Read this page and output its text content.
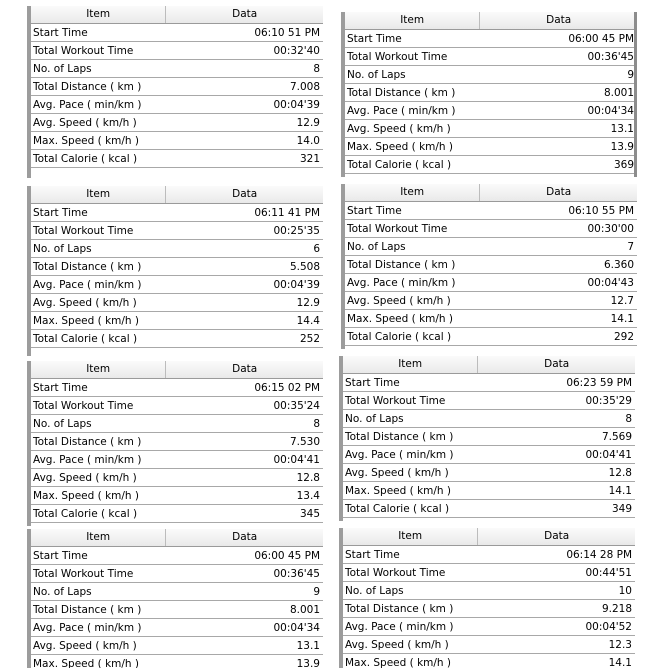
Item	Data
Start Time	06:10 51 PM
Total Workout Time	00:32'40
No. of Laps	8
Total Distance ( km )	7.008
Avg. Pace ( min/km )	00:04'39
Avg. Speed ( km/h )	12.9
Max. Speed ( km/h )	14.0
Total Calorie ( kcal )	321
Item	Data
Start Time	06:00 45 PM
Total Workout Time	00:36'45
No. of Laps	9
Total Distance ( km )	8.001
Avg. Pace ( min/km )	00:04'34
Avg. Speed ( km/h )	13.1
Max. Speed ( km/h )	13.9
Total Calorie ( kcal )	369
Item	Data
Start Time	06:11 41 PM
Total Workout Time	00:25'35
No. of Laps	6
Total Distance ( km )	5.508
Avg. Pace ( min/km )	00:04'39
Avg. Speed ( km/h )	12.9
Max. Speed ( km/h )	14.4
Total Calorie ( kcal )	252
Item	Data
Start Time	06:10 55 PM
Total Workout Time	00:30'00
No. of Laps	7
Total Distance ( km )	6.360
Avg. Pace ( min/km )	00:04'43
Avg. Speed ( km/h )	12.7
Max. Speed ( km/h )	14.1
Total Calorie ( kcal )	292
Item	Data
Start Time	06:15 02 PM
Total Workout Time	00:35'24
No. of Laps	8
Total Distance ( km )	7.530
Avg. Pace ( min/km )	00:04'41
Avg. Speed ( km/h )	12.8
Max. Speed ( km/h )	13.4
Total Calorie ( kcal )	345
Item	Data
Start Time	06:23 59 PM
Total Workout Time	00:35'29
No. of Laps	8
Total Distance ( km )	7.569
Avg. Pace ( min/km )	00:04'41
Avg. Speed ( km/h )	12.8
Max. Speed ( km/h )	14.1
Total Calorie ( kcal )	349
Item	Data
Start Time	06:00 45 PM
Total Workout Time	00:36'45
No. of Laps	9
Total Distance ( km )	8.001
Avg. Pace ( min/km )	00:04'34
Avg. Speed ( km/h )	13.1
Max. Speed ( km/h )	13.9
Item	Data
Start Time	06:14 28 PM
Total Workout Time	00:44'51
No. of Laps	10
Total Distance ( km )	9.218
Avg. Pace ( min/km )	00:04'52
Avg. Speed ( km/h )	12.3
Max. Speed ( km/h )	14.1
